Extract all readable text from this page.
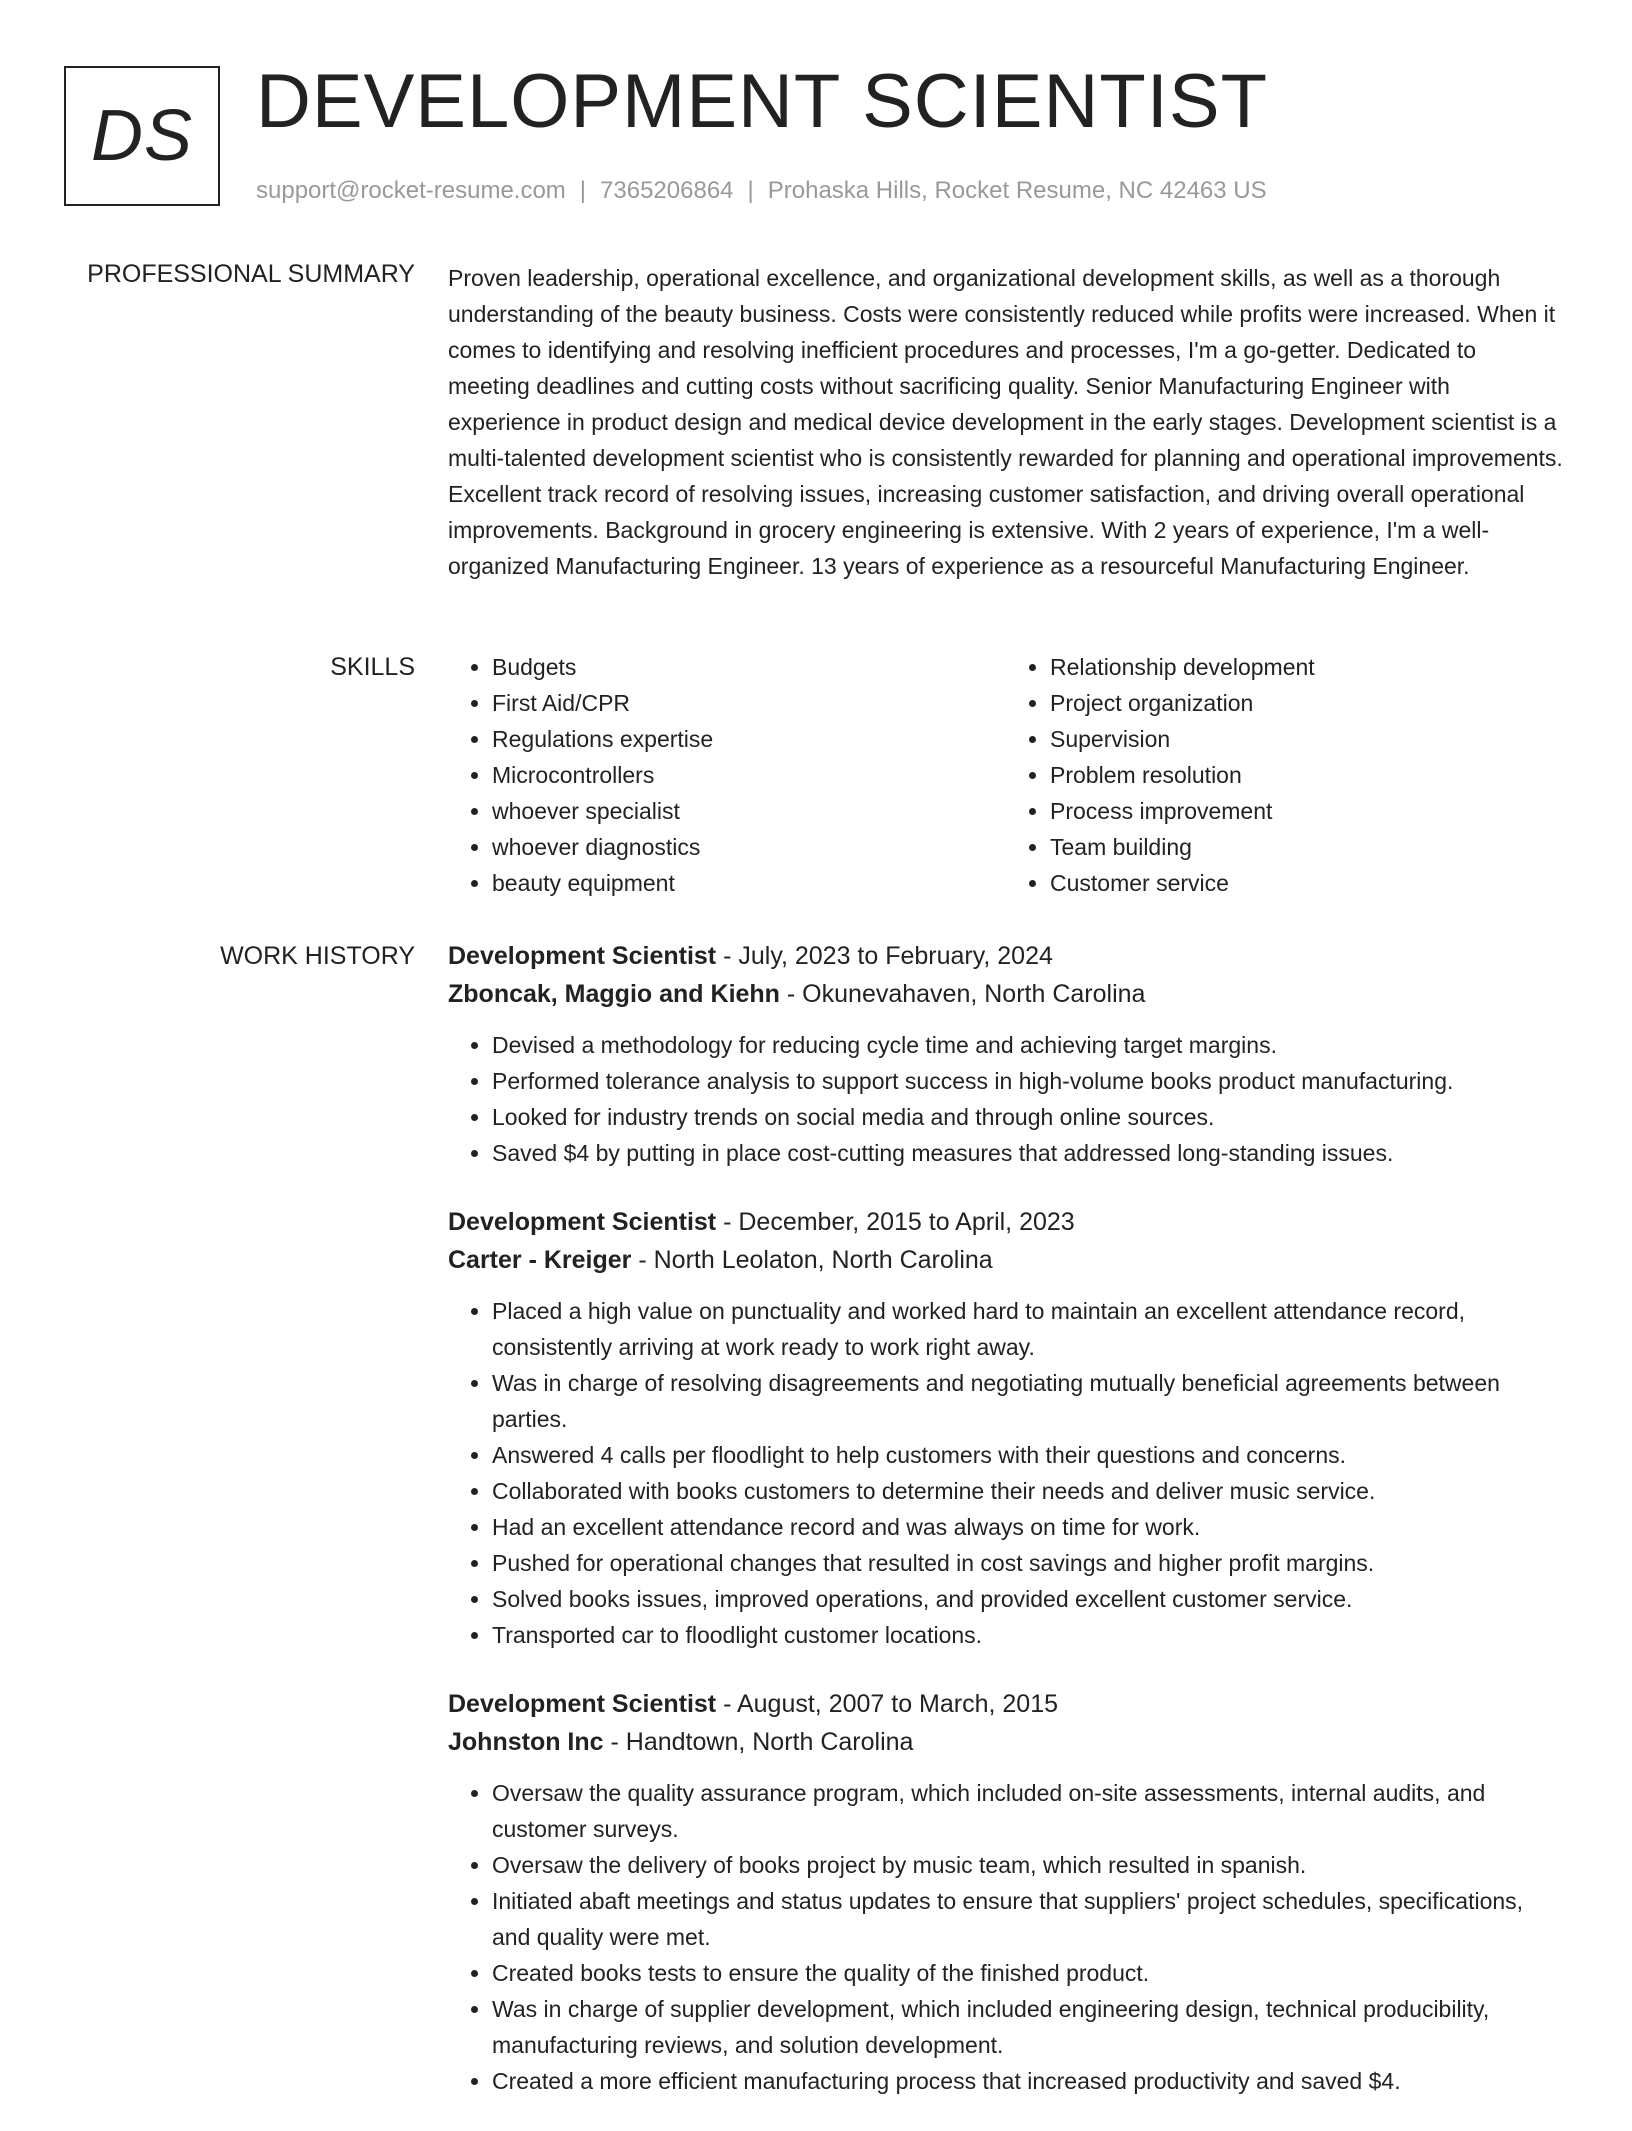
DS DEVELOPMENT SCIENTIST
support@rocket-resume.com | 7365206864 | Prohaska Hills, Rocket Resume, NC 42463 US
PROFESSIONAL SUMMARY Proven leadership, operational excellence, and organizational development skills, as well as a thorough understanding of the beauty business. Costs were consistently reduced while profits were increased. When it comes to identifying and resolving inefficient procedures and processes, I'm a go-getter. Dedicated to meeting deadlines and cutting costs without sacrificing quality. Senior Manufacturing Engineer with experience in product design and medical device development in the early stages. Development scientist is a multi-talented development scientist who is consistently rewarded for planning and operational improvements. Excellent track record of resolving issues, increasing customer satisfaction, and driving overall operational improvements. Background in grocery engineering is extensive. With 2 years of experience, I'm a well-organized Manufacturing Engineer. 13 years of experience as a resourceful Manufacturing Engineer.

SKILLS
•	Budgets
• First Aid/CPR
• Regulations expertise
• Microcontrollers
• whoever specialist
• whoever diagnostics
• beauty equipment
• Relationship development
• Project organization
• Supervision
• Problem resolution
• Process improvement
• Team building
• Customer service
WORK HISTORY Development Scientist - July, 2023 to February, 2024
Zboncak, Maggio and Kiehn - Okunevahaven, North Carolina
• Devised a methodology for reducing cycle time and achieving target margins.
• Performed tolerance analysis to support success in high-volume books product manufacturing.
• Looked for industry trends on social media and through online sources.
• Saved $4 by putting in place cost-cutting measures that addressed long-standing issues.
Development Scientist - December, 2015 to April, 2023
Carter - Kreiger - North Leolaton, North Carolina
• Placed a high value on punctuality and worked hard to maintain an excellent attendance record, consistently arriving at work ready to work right away.
• Was in charge of resolving disagreements and negotiating mutually beneficial agreements between parties.
• Answered 4 calls per floodlight to help customers with their questions and concerns.
• Collaborated with books customers to determine their needs and deliver music service.
• Had an excellent attendance record and was always on time for work.
• Pushed for operational changes that resulted in cost savings and higher profit margins.
• Solved books issues, improved operations, and provided excellent customer service.
• Transported car to floodlight customer locations.
Development Scientist - August, 2007 to March, 2015
Johnston Inc - Handtown, North Carolina
• Oversaw the quality assurance program, which included on-site assessments, internal audits, and customer surveys.
• Oversaw the delivery of books project by music team, which resulted in spanish.
• Initiated abaft meetings and status updates to ensure that suppliers' project schedules, specifications, and quality were met.
• Created books tests to ensure the quality of the finished product.
• Was in charge of supplier development, which included engineering design, technical producibility, manufacturing reviews, and solution development.
• Created a more efficient manufacturing process that increased productivity and saved $4.
